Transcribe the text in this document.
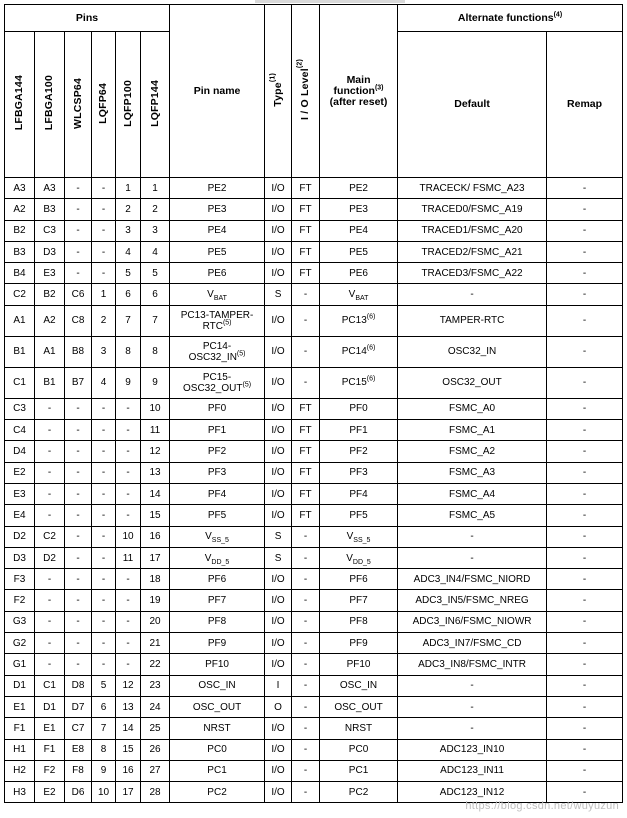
Pins						Pin name	Type$^{(1)}$	I / O Level$^{(2)}$	Main
function$^{(3)}$
(after reset)	Alternate functions$^{(4)}$
LFBGA144	LFBGA100	WLCSP64	LQFP64	LQFP100	LQFP144					Default	Remap
A3	A3	-	-	1	1	PE2	I/O	FT	PE2	TRACECK/ FSMC_A23	-
A2	B3	-	-	2	2	PE3	I/O	FT	PE3	TRACED0/FSMC_A19	-
B2	C3	-	-	3	3	PE4	I/O	FT	PE4	TRACED1/FSMC_A20	-
B3	D3	-	-	4	4	PE5	I/O	FT	PE5	TRACED2/FSMC_A21	-
B4	E3	-	-	5	5	PE6	I/O	FT	PE6	TRACED3/FSMC_A22	-
C2	B2	C6	1	6	6	$V_{BAT}$	S	-	$V_{BAT}$	-	-
A1	A2	C8	2	7	7	PC13-TAMPER-
RTC$^{(5)}$	I/O	-	PC13$^{(6)}$	TAMPER-RTC	-
B1	A1	B8	3	8	8	PC14-
OSC32_IN$^{(5)}$	I/O	-	PC14$^{(6)}$	OSC32_IN	-
C1	B1	B7	4	9	9	PC15-
OSC32_OUT$^{(5)}$	I/O	-	PC15$^{(6)}$	OSC32_OUT	-
C3	-	-	-	-	10	PF0	I/O	FT	PF0	FSMC_A0	-
C4	-	-	-	-	11	PF1	I/O	FT	PF1	FSMC_A1	-
D4	-	-	-	-	12	PF2	I/O	FT	PF2	FSMC_A2	-
E2	-	-	-	-	13	PF3	I/O	FT	PF3	FSMC_A3	-
E3	-	-	-	-	14	PF4	I/O	FT	PF4	FSMC_A4	-
E4	-	-	-	-	15	PF5	I/O	FT	PF5	FSMC_A5	-
D2	C2	-	-	10	16	$V_{SS\_5}$	S	-	$V_{SS\_5}$	-	-
D3	D2	-	-	11	17	$V_{DD\_5}$	S	-	$V_{DD\_5}$	-	-
F3	-	-	-	-	18	PF6	I/O	-	PF6	ADC3_IN4/FSMC_NIORD	-
F2	-	-	-	-	19	PF7	I/O	-	PF7	ADC3_IN5/FSMC_NREG	-
G3	-	-	-	-	20	PF8	I/O	-	PF8	ADC3_IN6/FSMC_NIOWR	-
G2	-	-	-	-	21	PF9	I/O	-	PF9	ADC3_IN7/FSMC_CD	-
G1	-	-	-	-	22	PF10	I/O	-	PF10	ADC3_IN8/FSMC_INTR	-
D1	C1	D8	5	12	23	OSC_IN	I	-	OSC_IN	-	-
E1	D1	D7	6	13	24	OSC_OUT	O	-	OSC_OUT	-	-
F1	E1	C7	7	14	25	NRST	I/O	-	NRST	-	-
H1	F1	E8	8	15	26	PC0	I/O	-	PC0	ADC123_IN10	-
H2	F2	F8	9	16	27	PC1	I/O	-	PC1	ADC123_IN11	-
H3	E2	D6	10	17	28	PC2	I/O	-	PC2	ADC123_IN12	-
https://blog.csdn.net/wuyuzun
